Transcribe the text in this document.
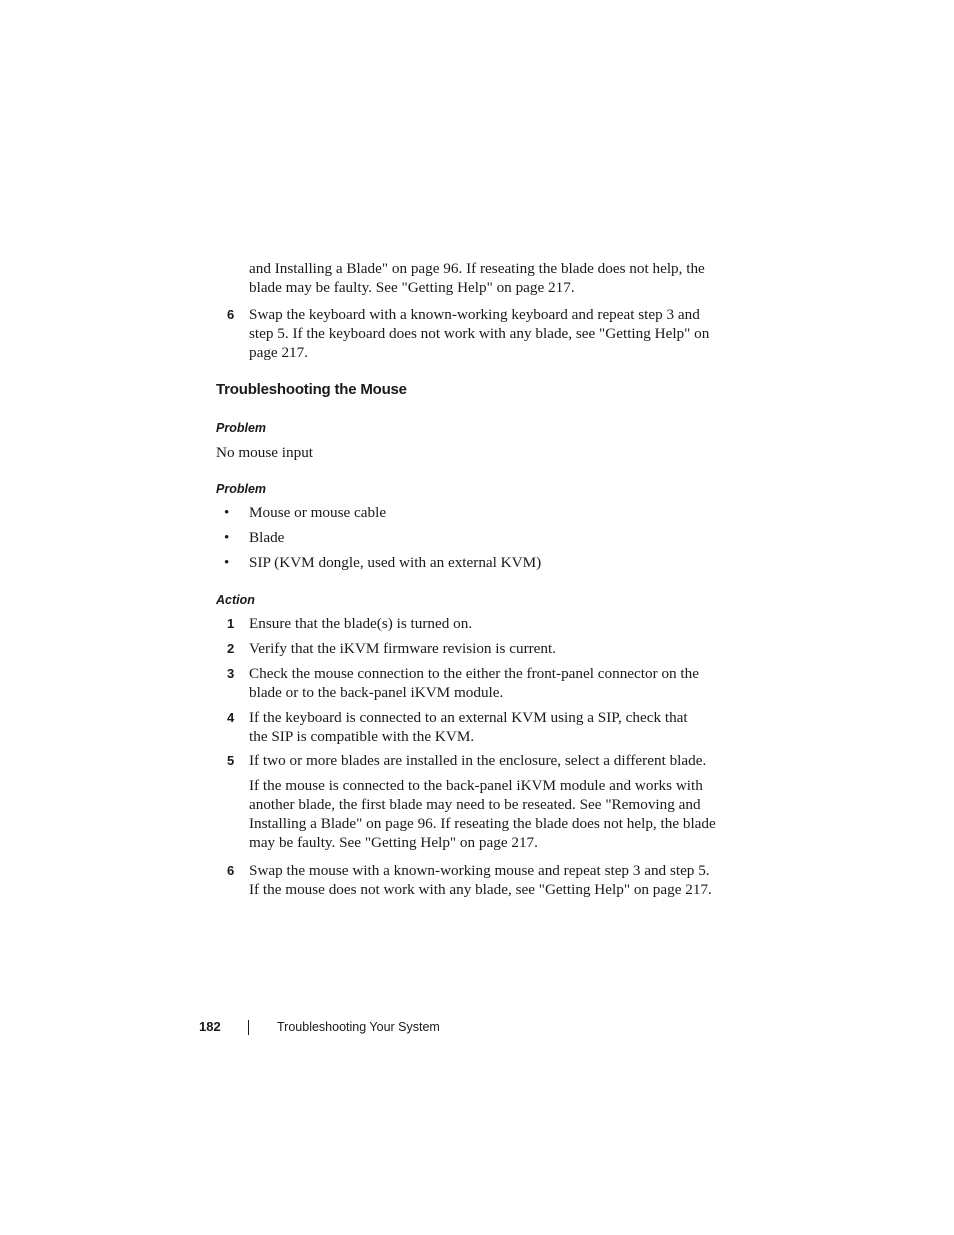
and Installing a Blade" on page 96. If reseating the blade does not help, the blade may be faulty. See "Getting Help" on page 217.
6 Swap the keyboard with a known-working keyboard and repeat step 3 and step 5. If the keyboard does not work with any blade, see "Getting Help" on page 217.
Troubleshooting the Mouse
Problem
No mouse input
Problem
• Mouse or mouse cable
• Blade
• SIP (KVM dongle, used with an external KVM)
Action
1 Ensure that the blade(s) is turned on.
2 Verify that the iKVM firmware revision is current.
3 Check the mouse connection to the either the front-panel connector on the blade or to the back-panel iKVM module.
4 If the keyboard is connected to an external KVM using a SIP, check that the SIP is compatible with the KVM.
5 If two or more blades are installed in the enclosure, select a different blade.
If the mouse is connected to the back-panel iKVM module and works with another blade, the first blade may need to be reseated. See "Removing and Installing a Blade" on page 96. If reseating the blade does not help, the blade may be faulty. See "Getting Help" on page 217.
6 Swap the mouse with a known-working mouse and repeat step 3 and step 5. If the mouse does not work with any blade, see "Getting Help" on page 217.
182	Troubleshooting Your System
